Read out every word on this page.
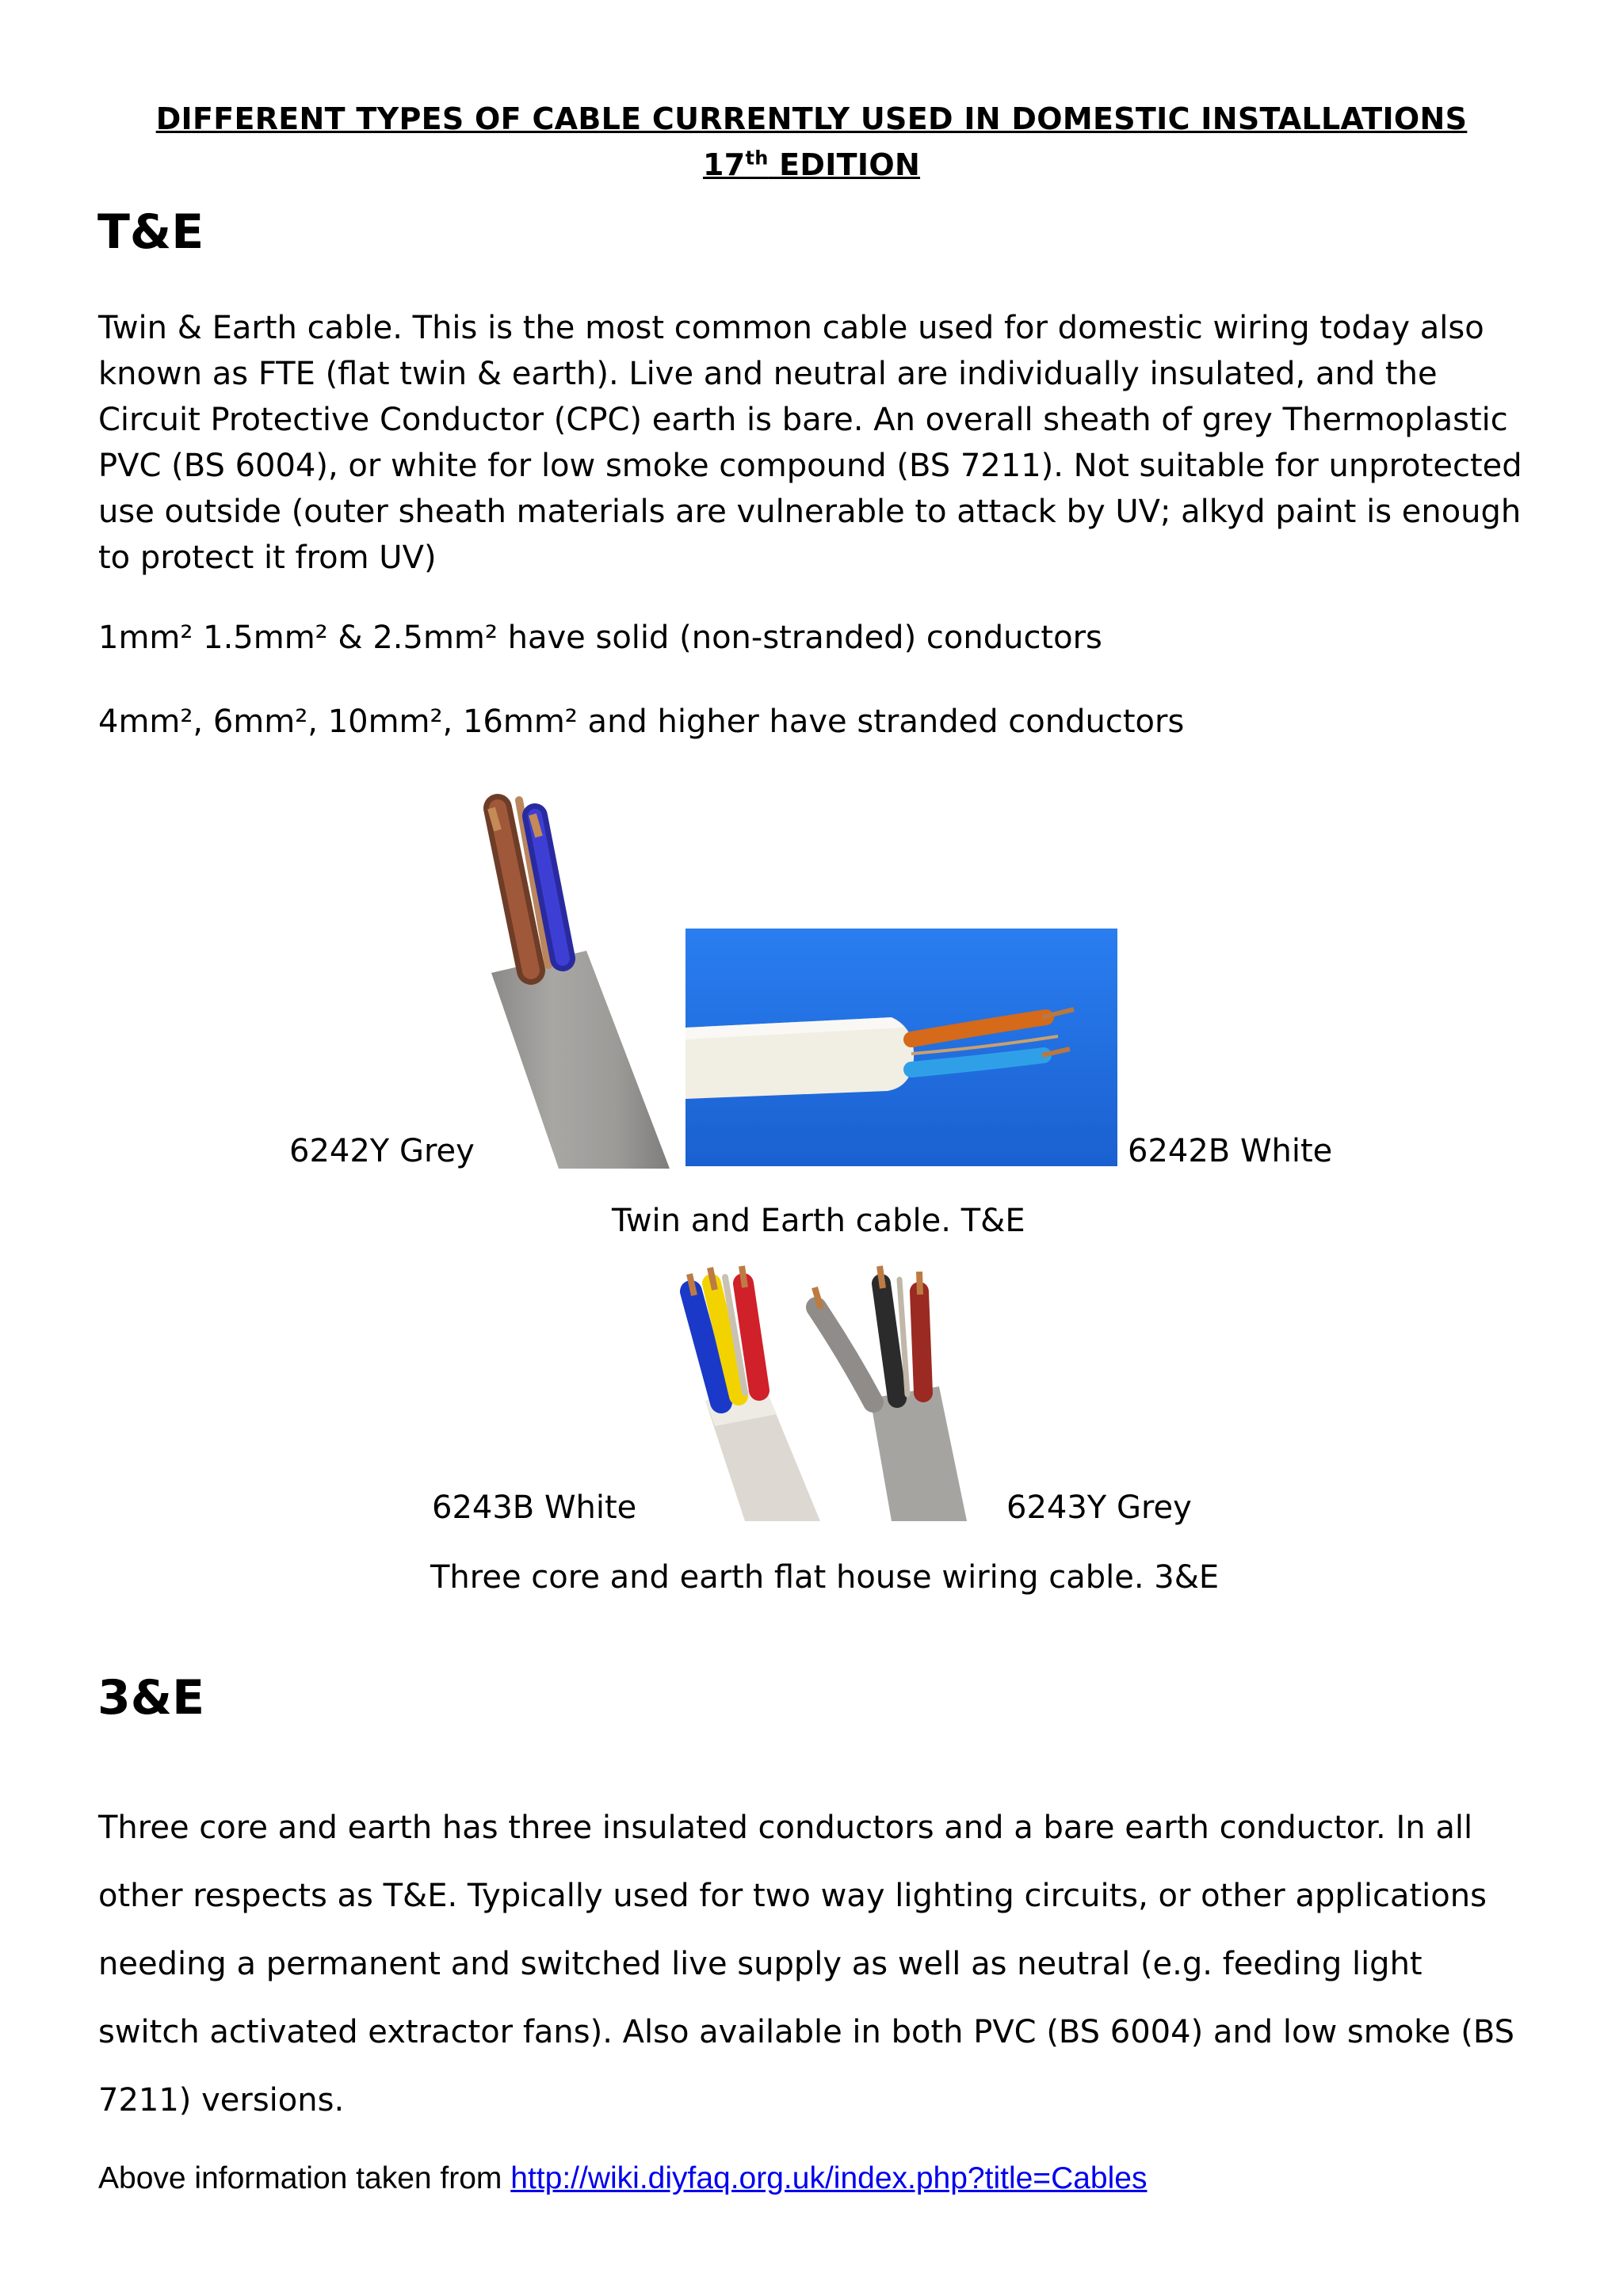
DIFFERENT TYPES OF CABLE CURRENTLY USED IN DOMESTIC INSTALLATIONS
17th EDITION
T&E
Twin & Earth cable. This is the most common cable used for domestic wiring today also known as FTE (flat twin & earth). Live and neutral are individually insulated, and the Circuit Protective Conductor (CPC) earth is bare. An overall sheath of grey Thermoplastic PVC (BS 6004), or white for low smoke compound (BS 7211). Not suitable for unprotected use outside (outer sheath materials are vulnerable to attack by UV; alkyd paint is enough to protect it from UV)
1mm² 1.5mm² & 2.5mm² have solid (non-stranded) conductors
4mm², 6mm², 10mm², 16mm² and higher have stranded conductors
6242Y Grey	6242B White
Twin and Earth cable. T&E
6243B White	6243Y Grey
Three core and earth flat house wiring cable. 3&E
3&E
Three core and earth has three insulated conductors and a bare earth conductor. In all other respects as T&E. Typically used for two way lighting circuits, or other applications needing a permanent and switched live supply as well as neutral (e.g. feeding light switch activated extractor fans). Also available in both PVC (BS 6004) and low smoke (BS 7211) versions.
Above information taken from http://wiki.diyfaq.org.uk/index.php?title=Cables
